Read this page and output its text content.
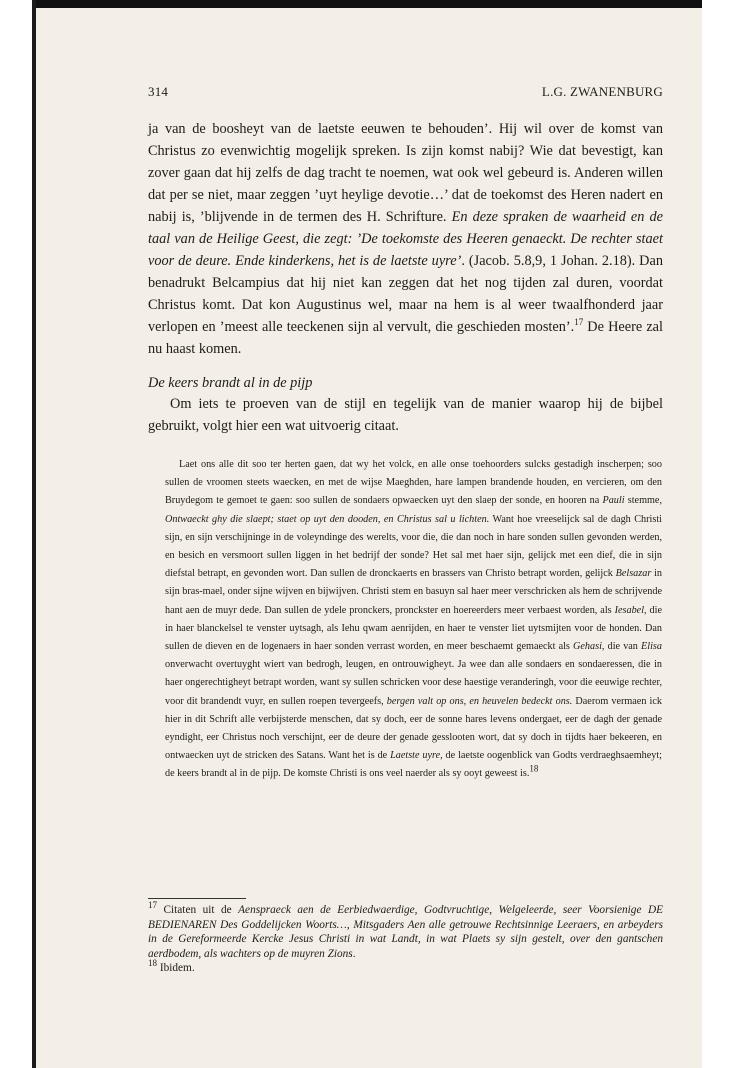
314	L.G. ZWANENBURG

ja van de boosheyt van de laetste eeuwen te behouden’. Hij wil over de komst van Christus zo evenwichtig mogelijk spreken. Is zijn komst nabij? Wie dat bevestigt, kan zover gaan dat hij zelfs de dag tracht te noemen, wat ook wel gebeurd is. Anderen willen dat per se niet, maar zeggen ’uyt heylige devotie…’ dat de toekomst des Heren nadert en nabij is, ’blijvende in de termen des H. Schrifture. En deze spraken de waarheid en de taal van de Heilige Geest, die zegt: ’De toekomste des Heeren genaeckt. De rechter staet voor de deure. Ende kinderkens, het is de laetste uyre’. (Jacob. 5.8,9, 1 Johan. 2.18). Dan benadrukt Belcampius dat hij niet kan zeggen dat het nog tijden zal duren, voordat Christus komt. Dat kon Augustinus wel, maar na hem is al weer twaalfhonderd jaar verlopen en ’meest alle teeckenen sijn al vervult, die geschieden mosten’.$^{17}$ De Heere zal nu haast komen.

De keers brandt al in de pijp

Om iets te proeven van de stijl en tegelijk van de manier waarop hij de bijbel gebruikt, volgt hier een wat uitvoerig citaat.

Laet ons alle dit soo ter herten gaen, dat wy het volck, en alle onse toehoorders sulcks gestadigh inscherpen; soo sullen de vroomen steets waecken, en met de wijse Maeghden, hare lampen brandende houden, en vercieren, om den Bruydegom te gemoet te gaen: soo sullen de sondaers opwaecken uyt den slaep der sonde, en hooren na Pauli stemme, Ontwaeckt ghy die slaept; staet op uyt den dooden, en Christus sal u lichten. Want hoe vreeselijck sal de dagh Christi sijn, en sijn verschijninge in de voleyndinge des werelts, voor die, die dan noch in hare sonden sullen gevonden werden, en besich en versmoort sullen liggen in het bedrijf der sonde? Het sal met haer sijn, gelijck met een dief, die in sijn diefstal betrapt, en gevonden wort. Dan sullen de dronckaerts en brassers van Christo betrapt worden, gelijck Belsazar in sijn bras-mael, onder sijne wijven en bijwijven. Christi stem en basuyn sal haer meer verschricken als hem de schrijvende hant aen de muyr dede. Dan sullen de ydele pronckers, pronckster en hoereerders meer verbaest worden, als Iesabel, die in haer blanckelsel te venster uytsagh, als Iehu qwam aenrijden, en haer te venster liet uytsmijten voor de honden. Dan sullen de dieven en de logenaers in haer sonden verrast worden, en meer beschaemt gemaeckt als Gehasi, die van Elisa onverwacht overtuyght wiert van bedrogh, leugen, en ontrouwigheyt. Ja wee dan alle sondaers en sondaeressen, die in haer ongerechtigheyt betrapt worden, want sy sullen schricken voor dese haestige veranderingh, voor die eeuwige rechter, voor dit brandendt vuyr, en sullen roepen tevergeefs, bergen valt op ons, en heuvelen bedeckt ons. Daerom vermaen ick hier in dit Schrift alle verbijsterde menschen, dat sy doch, eer de sonne hares levens ondergaet, eer de dagh der genade eyndight, eer Christus noch verschijnt, eer de deure der genade gesslooten wort, dat sy doch in tijdts haer bekeeren, en ontwaecken uyt de stricken des Satans. Want het is de Laetste uyre, de laetste oogenblick van Godts verdraeghsaemheyt; de keers brandt al in de pijp. De komste Christi is ons veel naerder als sy ooyt geweest is.$^{18}$

$^{17}$ Citaten uit de Aenspraeck aen de Eerbiedwaerdige, Godtvruchtige, Welgeleerde, seer Voorsienige DE BEDIENAREN Des Goddelijcken Woorts…, Mitsgaders Aen alle getrouwe Rechtsinnige Leeraers, en arbeyders in de Gereformeerde Kercke Jesus Christi in wat Landt, in wat Plaets sy sijn gestelt, over den gantschen aerdbodem, als wachters op de muyren Zions.

$^{18}$ Ibidem.
